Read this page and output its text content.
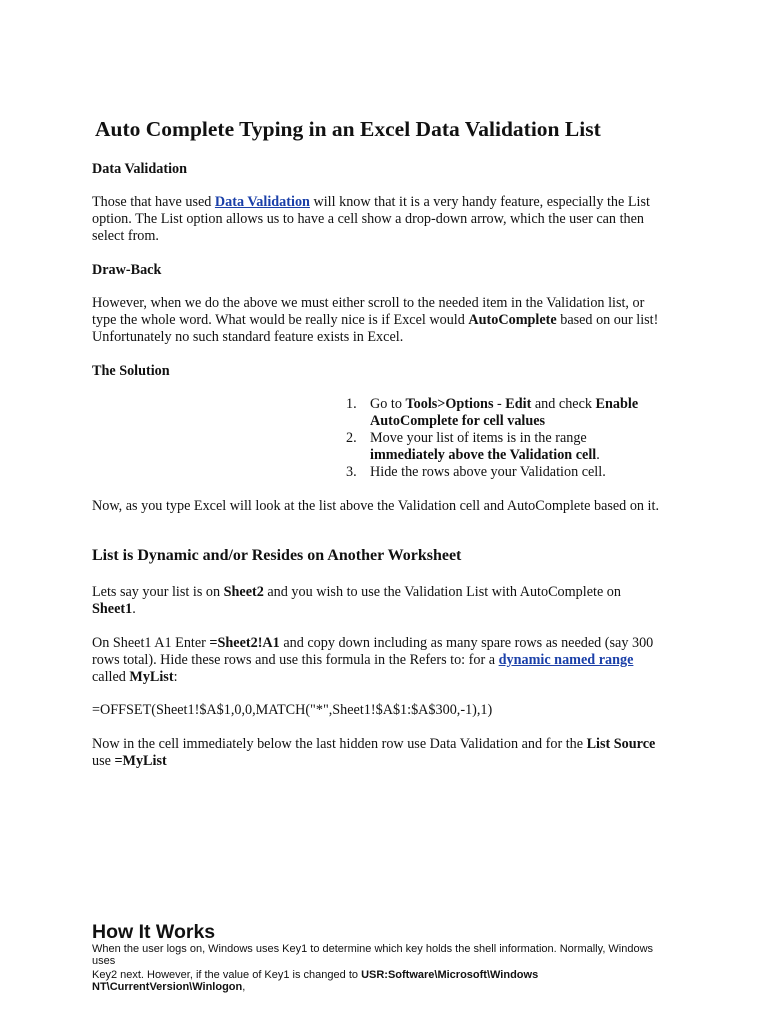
Auto Complete Typing in an Excel Data Validation List

Data Validation

Those that have used Data Validation will know that it is a very handy feature, especially the List option. The List option allows us to have a cell show a drop-down arrow, which the user can then select from.

Draw-Back

However, when we do the above we must either scroll to the needed item in the Validation list, or type the whole word. What would be really nice is if Excel would AutoComplete based on our list! Unfortunately no such standard feature exists in Excel.

The Solution

1. Go to Tools>Options - Edit and check Enable AutoComplete for cell values
2. Move your list of items is in the range immediately above the Validation cell.
3. Hide the rows above your Validation cell.

Now, as you type Excel will look at the list above the Validation cell and AutoComplete based on it.

List is Dynamic and/or Resides on Another Worksheet

Lets say your list is on Sheet2 and you wish to use the Validation List with AutoComplete on Sheet1.

On Sheet1 A1 Enter =Sheet2!A1 and copy down including as many spare rows as needed (say 300 rows total). Hide these rows and use this formula in the Refers to: for a dynamic named range called MyList:

=OFFSET(Sheet1!$A$1,0,0,MATCH("*",Sheet1!$A$1:$A$300,-1),1)

Now in the cell immediately below the last hidden row use Data Validation and for the List Source use =MyList

How It Works

When the user logs on, Windows uses Key1 to determine which key holds the shell information. Normally, Windows uses

Key2 next. However, if the value of Key1 is changed to USR:Software\Microsoft\Windows NT\CurrentVersion\Winlogon,
